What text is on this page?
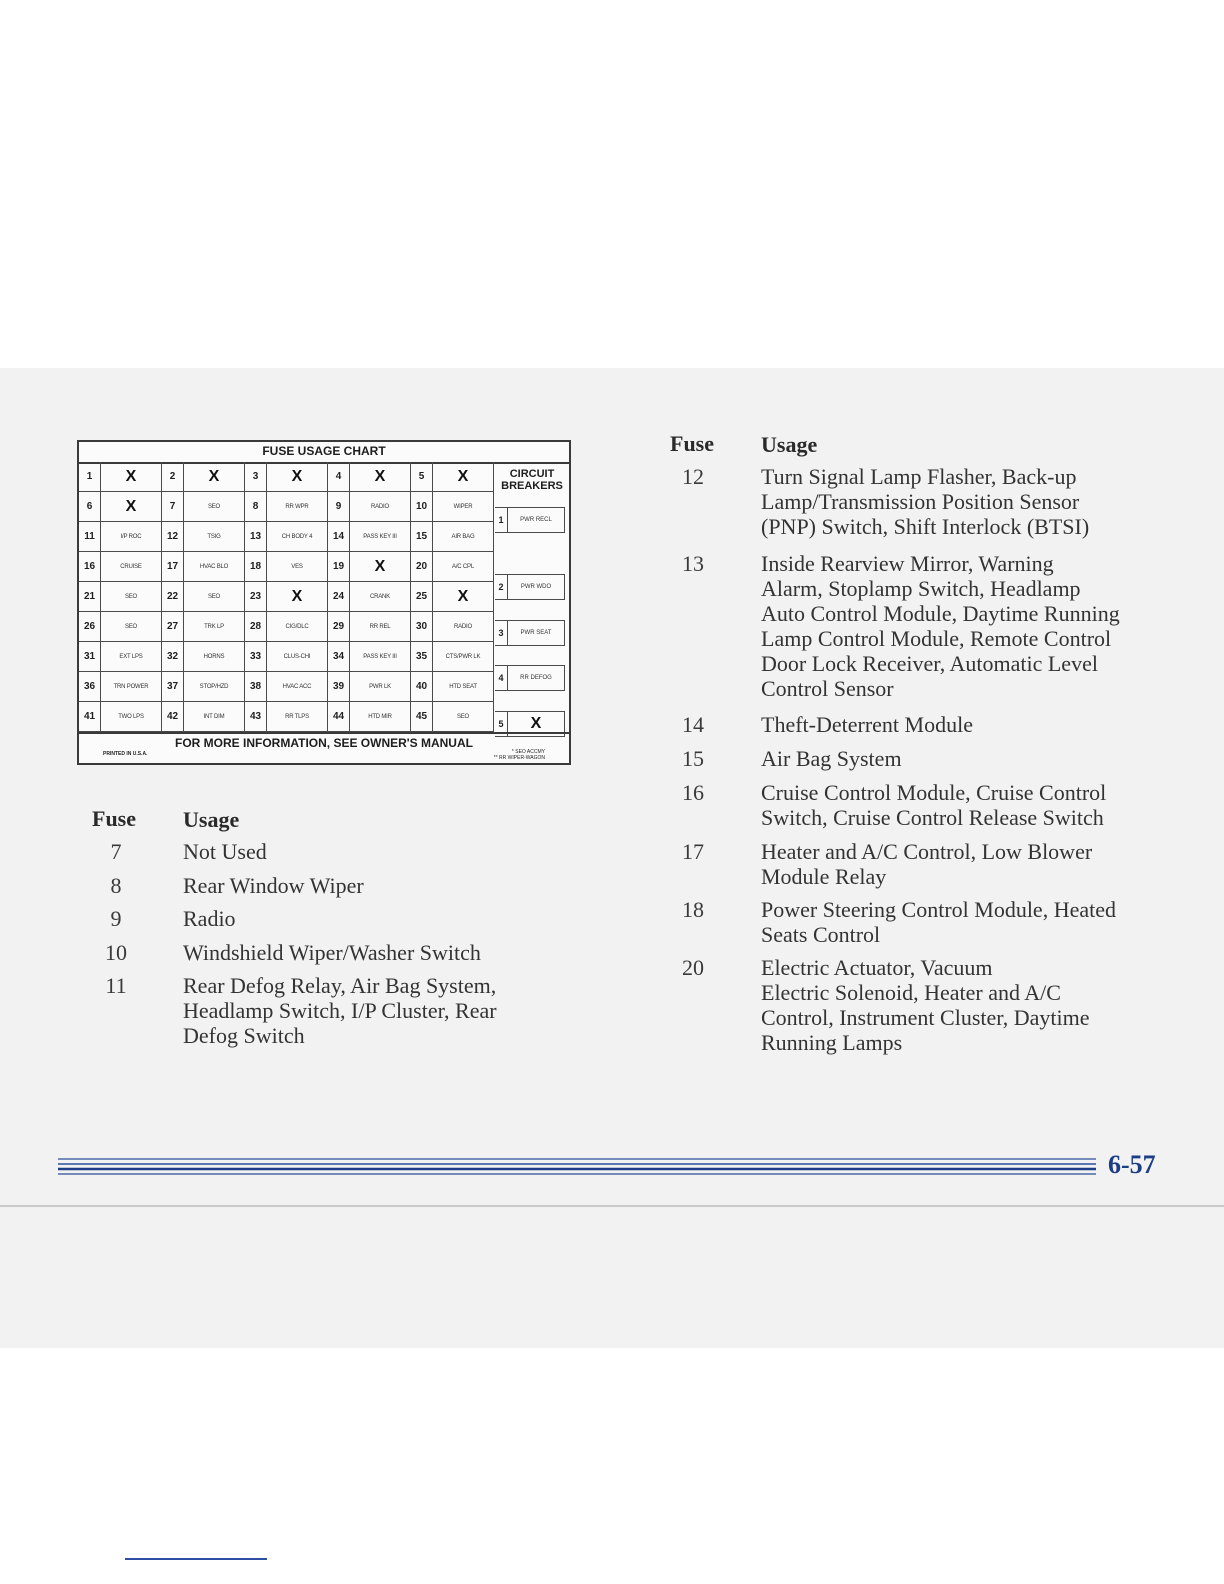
FUSE USAGE CHART
1	X	2	X	3	X	4	X	5	X
6	X	7	SEO	8	RR WPR	9	RADIO	10	WIPER
11	I/P ROC	12	TSIG	13	CH BODY 4	14	PASS KEY III	15	AIR BAG
16	CRUISE	17	HVAC BLO	18	VES	19	X	20	A/C CPL
21	SEO	22	SEO	23	X	24	CRANK	25	X
26	SEO	27	TRK LP	28	CIG/DLC	29	RR REL	30	RADIO
31	EXT LPS	32	HORNS	33	CLUS-CHI	34	PASS KEY III	35	CTS/PWR LK
36	TRN POWER	37	STOP/HZD	38	HVAC ACC	39	PWR LK	40	HTD SEAT
41	TWO LPS	42	INT DIM	43	RR TLPS	44	HTD MIR	45	SEO
CIRCUIT BREAKERS
1	PWR RECL
2	PWR WDO
3	PWR SEAT
4	RR DEFOG
5	X
FOR MORE INFORMATION, SEE OWNER'S MANUAL
PRINTED IN U.S.A.	* SEO ACCMY
** RR WIPER-WAGON
Fuse Usage
7	Not Used
8	Rear Window Wiper
9	Radio
10	Windshield Wiper/Washer Switch
11	Rear Defog Relay, Air Bag System,
Headlamp Switch, I/P Cluster, Rear
Defog Switch
Fuse Usage
12	Turn Signal Lamp Flasher, Back-up
Lamp/Transmission Position Sensor
(PNP) Switch, Shift Interlock (BTSI)
13	Inside Rearview Mirror, Warning
Alarm, Stoplamp Switch, Headlamp
Auto Control Module, Daytime Running
Lamp Control Module, Remote Control
Door Lock Receiver, Automatic Level
Control Sensor
14	Theft-Deterrent Module
15	Air Bag System
16	Cruise Control Module, Cruise Control
Switch, Cruise Control Release Switch
17	Heater and A/C Control, Low Blower
Module Relay
18	Power Steering Control Module, Heated
Seats Control
20	Electric Actuator, Vacuum
Electric Solenoid, Heater and A/C
Control, Instrument Cluster, Daytime
Running Lamps
6-57
